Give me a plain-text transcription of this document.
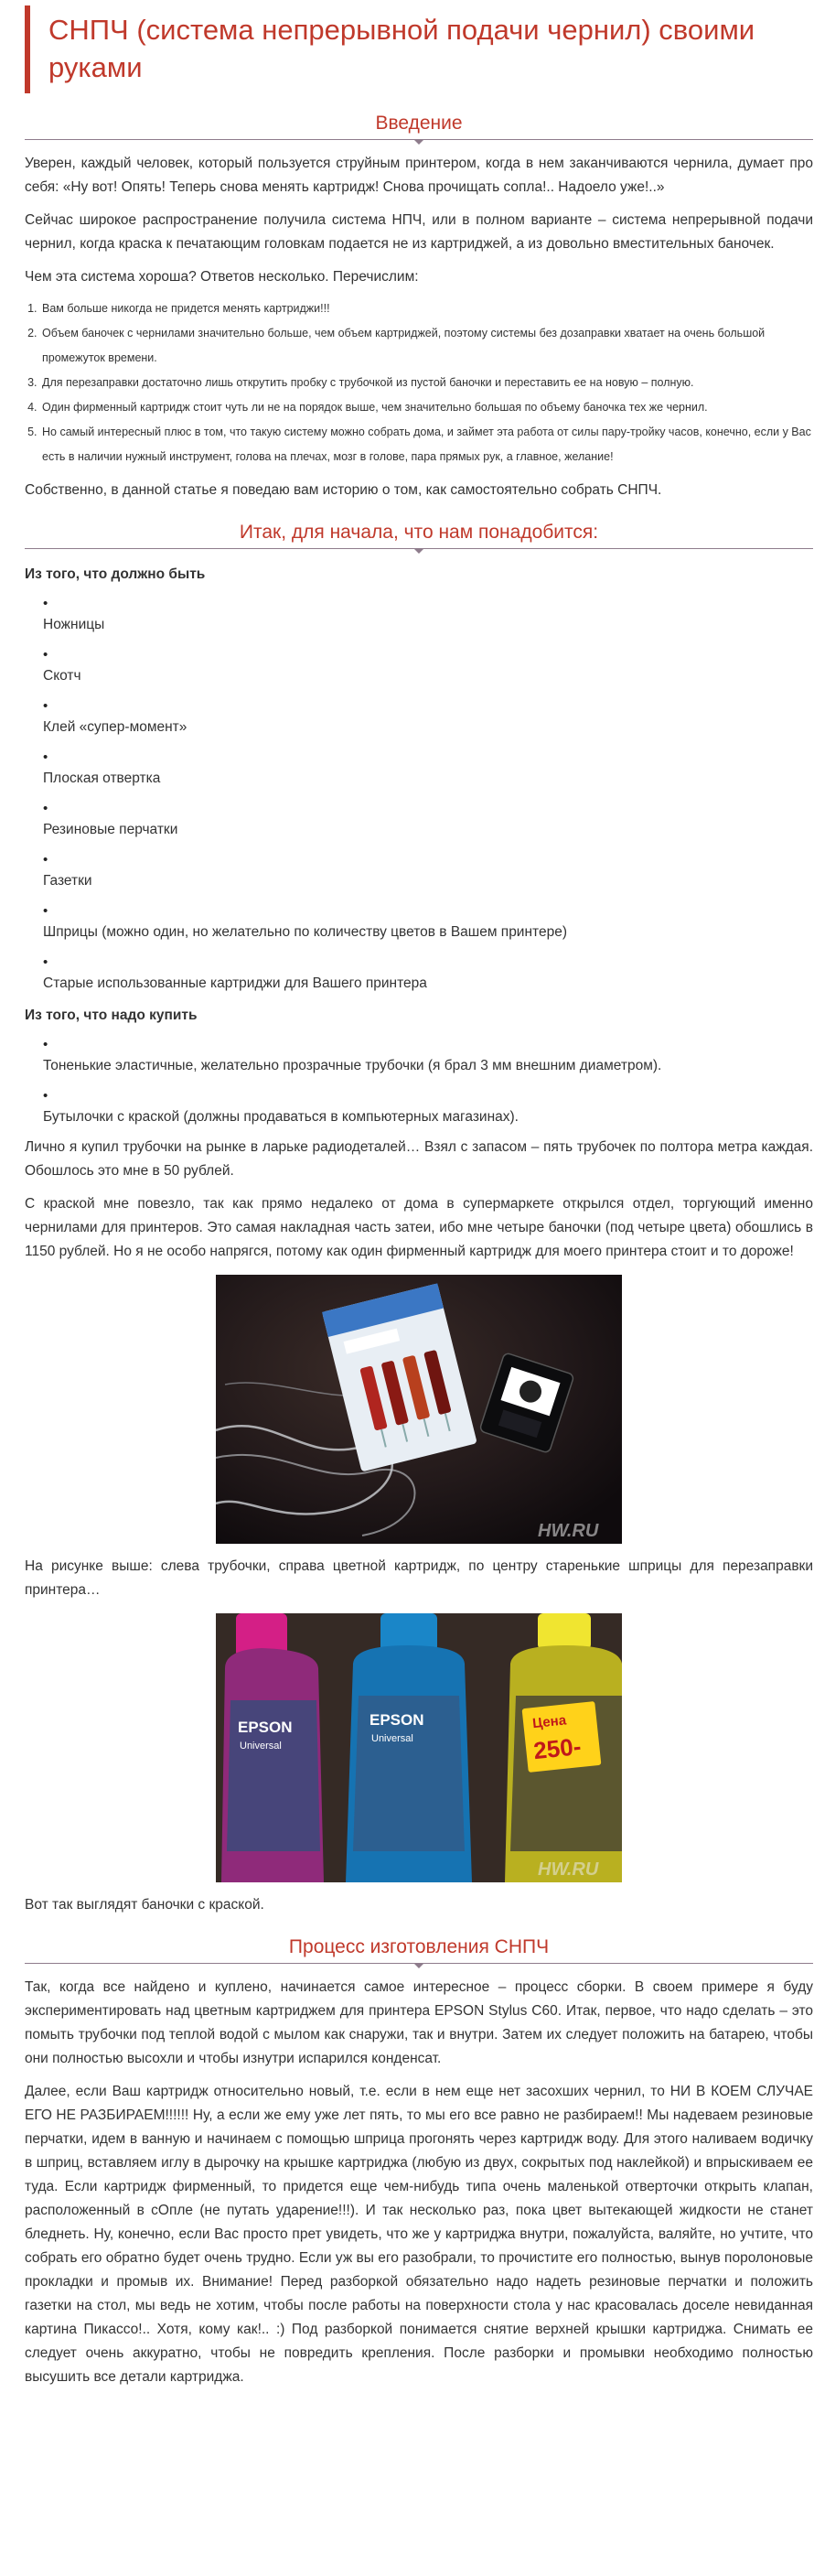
СНПЧ (система непрерывной подачи чернил) своими руками
Введение

Уверен, каждый человек, который пользуется струйным принтером, когда в нем заканчиваются чернила, думает про себя: «Ну вот! Опять! Теперь снова менять картридж! Снова прочищать сопла!.. Надоело уже!..»

Сейчас широкое распространение получила система НПЧ, или в полном варианте – система непрерывной подачи чернил, когда краска к печатающим головкам подается не из картриджей, а из довольно вместительных баночек.

Чем эта система хороша? Ответов несколько. Перечислим:

1. Вам больше никогда не придется менять картриджи!!!
2. Объем баночек с чернилами значительно больше, чем объем картриджей, поэтому системы без дозаправки хватает на очень большой промежуток времени.
3. Для перезаправки достаточно лишь открутить пробку с трубочкой из пустой баночки и переставить ее на новую – полную.
4. Один фирменный картридж стоит чуть ли не на порядок выше, чем значительно большая по объему баночка тех же чернил.
5. Но самый интересный плюс в том, что такую систему можно собрать дома, и займет эта работа от силы пару-тройку часов, конечно, если у Вас есть в наличии нужный инструмент, голова на плечах, мозг в голове, пара прямых рук, а главное, желание!

Собственно, в данной статье я поведаю вам историю о том, как самостоятельно собрать СНПЧ.

Итак, для начала, что нам понадобится:
Из того, что должно быть
•
Ножницы
•
Скотч
•
Клей «супер-момент»
•
Плоская отвертка
•
Резиновые перчатки
•
Газетки
•
Шприцы (можно один, но желательно по количеству цветов в Вашем принтере)
•
Старые использованные картриджи для Вашего принтера
Из того, что надо купить
•
Тоненькие эластичные, желательно прозрачные трубочки (я брал 3 мм внешним диаметром).
•
Бутылочки с краской (должны продаваться в компьютерных магазинах).

Лично я купил трубочки на рынке в ларьке радиодеталей… Взял с запасом – пять трубочек по полтора метра каждая. Обошлось это мне в 50 рублей.

С краской мне повезло, так как прямо недалеко от дома в супермаркете открылся отдел, торгующий именно чернилами для принтеров. Это самая накладная часть затеи, ибо мне четыре баночки (под четыре цвета) обошлись в 1150 рублей. Но я не особо напрягся, потому как один фирменный картридж для моего принтера стоит и то дороже!

HW.RU

На рисунке выше: слева трубочки, справа цветной картридж, по центру старенькие шприцы для перезаправки принтера…

EPSON
Universal
EPSON
Universal
Цена
250-
HW.RU

Вот так выглядят баночки с краской.

Процесс изготовления СНПЧ

Так, когда все найдено и куплено, начинается самое интересное – процесс сборки. В своем примере я буду экспериментировать над цветным картриджем для принтера EPSON Stylus C60. Итак, первое, что надо сделать – это помыть трубочки под теплой водой с мылом как снаружи, так и внутри. Затем их следует положить на батарею, чтобы они полностью высохли и чтобы изнутри испарился конденсат.

Далее, если Ваш картридж относительно новый, т.е. если в нем еще нет засохших чернил, то НИ В КОЕМ СЛУЧАЕ ЕГО НЕ РАЗБИРАЕМ!!!!!! Ну, а если же ему уже лет пять, то мы его все равно не разбираем!! Мы надеваем резиновые перчатки, идем в ванную и начинаем с помощью шприца прогонять через картридж воду. Для этого наливаем водичку в шприц, вставляем иглу в дырочку на крышке картриджа (любую из двух, сокрытых под наклейкой) и впрыскиваем ее туда. Если картридж фирменный, то придется еще чем-нибудь типа очень маленькой отверточки открыть клапан, расположенный в сОпле (не путать ударение!!!). И так несколько раз, пока цвет вытекающей жидкости не станет бледнеть. Ну, конечно, если Вас просто прет увидеть, что же у картриджа внутри, пожалуйста, валяйте, но учтите, что собрать его обратно будет очень трудно. Если уж вы его разобрали, то прочистите его полностью, вынув поролоновые прокладки и промыв их. Внимание! Перед разборкой обязательно надо надеть резиновые перчатки и положить газетки на стол, мы ведь не хотим, чтобы после работы на поверхности стола у нас красовалась доселе невиданная картина Пикассо!.. Хотя, кому как!.. :) Под разборкой понимается снятие верхней крышки картриджа. Снимать ее следует очень аккуратно, чтобы не повредить крепления. После разборки и промывки необходимо полностью высушить все детали картриджа.
